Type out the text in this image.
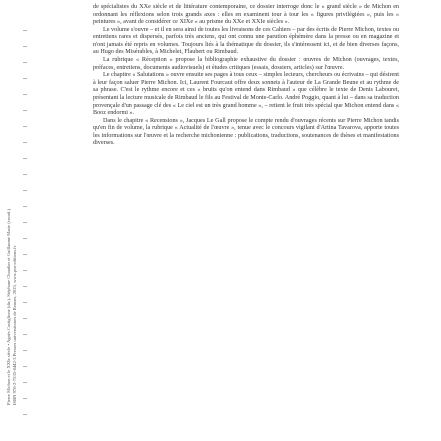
Pierre Michon et le XXIe siècle • Agnès Castiglione (dir.), Stéphane Chaudier et Guillaume Marie (coord.) ISBN 978-2-7535-8442-3 Presses universitaires de Rennes, 2023, www.pur-editions.fr

de spécialistes du XXe siècle et de littérature contemporaine, ce dossier interroge donc le « grand siècle » de Michon en ordonnant les réflexions selon trois grands axes : elles en examinent tour à tour les « figures privilégiées », puis les « peintures », avant de considérer ce XIXe « au prisme du XXe et XXIe siècles ».

Le volume s'ouvre – et il en sera ainsi de toutes les livraisons de ces Cahiers – par des écrits de Pierre Michon, textes ou entretiens rares et dispersés, parfois très anciens, qui ont connu une parution éphémère dans la presse ou en magazine et n'ont jamais été repris en volumes. Toujours liés à la thématique du dossier, ils s'intéressent ici, et de bien diverses façons, au Hugo des Misérables, à Michelet, Flaubert ou Rimbaud.

La rubrique « Réception » propose la bibliographie exhaustive du dossier : œuvres de Michon (ouvrages, textes, préfaces, entretiens, documents audiovisuels) et études critiques (essais, dossiers, articles) sur l'œuvre.

Le chapitre « Salutations » ouvre ensuite ses pages à tous ceux – simples lecteurs, chercheurs ou écrivains – qui désirent à leur façon saluer Pierre Michon. Ici, Laurent Fourcaut offre deux sonnets à l'auteur de La Grande Beune et au rythme de sa phrase. C'est le rythme encore et ces « bruits qu'on entend dans Rimbaud » que célèbre le texte de Denis Labouret, présentant la lecture musicale de Rimbaud le fils au Festival de Monte-Carlo. André Poggio, quant à lui – dans sa traduction provençale d'un passage clé des « Le ciel est un très grand homme », – retient le fruit très spécial que Michon entend dans « Booz endormi ».

Dans le chapitre « Recensions », Jacques Le Gall propose le compte rendu d'ouvrages récents sur Pierre Michon tandis qu'en fin de volume, la rubrique « Actualité de l'œuvre », tenue avec le concours vigilant d'Artina Tavarova, apporte toutes les informations sur l'œuvre et la recherche michonienne : publications, traductions, soutenances de thèses et manifestations diverses.
